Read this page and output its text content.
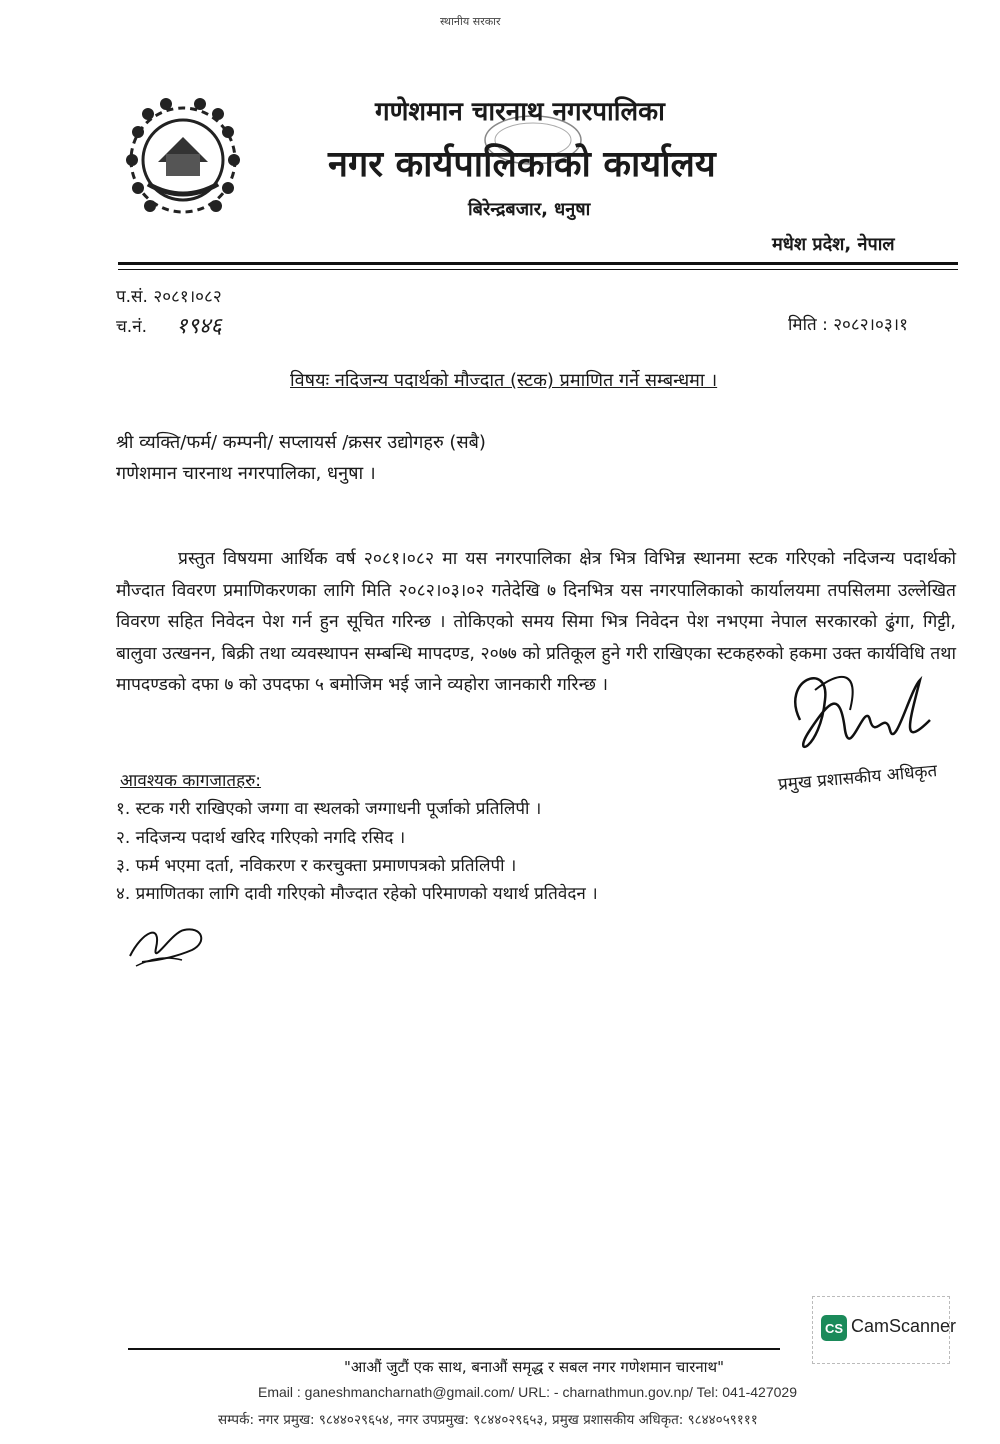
स्थानीय सरकार
गणेशमान चारनाथ नगरपालिका
नगर कार्यपालिकाको कार्यालय
बिरेन्द्रबजार, धनुषा
मधेश प्रदेश, नेपाल
प.सं. २०८१।०८२
च.नं. १९४६	मिति : २०८२।०३।१
विषयः नदिजन्य पदार्थको मौज्दात (स्टक) प्रमाणित गर्ने सम्बन्धमा ।
श्री व्यक्ति/फर्म/ कम्पनी/ सप्लायर्स /क्रसर उद्योगहरु (सबै)
गणेशमान चारनाथ नगरपालिका, धनुषा ।
प्रस्तुत विषयमा आर्थिक वर्ष २०८१।०८२ मा यस नगरपालिका क्षेत्र भित्र विभिन्न स्थानमा स्टक गरिएको नदिजन्य पदार्थको मौज्दात विवरण प्रमाणिकरणका लागि मिति २०८२।०३।०२ गतेदेखि ७ दिनभित्र यस नगरपालिकाको कार्यालयमा तपसिलमा उल्लेखित विवरण सहित निवेदन पेश गर्न हुन सूचित गरिन्छ । तोकिएको समय सिमा भित्र निवेदन पेश नभएमा नेपाल सरकारको ढुंगा, गिट्टी, बालुवा उत्खनन, बिक्री तथा व्यवस्थापन सम्बन्धि मापदण्ड, २०७७ को प्रतिकूल हुने गरी राखिएका स्टकहरुको हकमा उक्त कार्यविधि तथा मापदण्डको दफा ७ को उपदफा ५ बमोजिम भई जाने व्यहोरा जानकारी गरिन्छ ।
प्रमुख प्रशासकीय अधिकृत
आवश्यक कागजातहरु:
१. स्टक गरी राखिएको जग्गा वा स्थलको जग्गाधनी पूर्जाको प्रतिलिपी ।
२. नदिजन्य पदार्थ खरिद गरिएको नगदि रसिद ।
३. फर्म भएमा दर्ता, नविकरण र करचुक्ता प्रमाणपत्रको प्रतिलिपी ।
४. प्रमाणितका लागि दावी गरिएको मौज्दात रहेको परिमाणको यथार्थ प्रतिवेदन ।
CS CamScanner
"आऔं जुटौं एक साथ, बनाऔं समृद्ध र सबल नगर गणेशमान चारनाथ"
Email : ganeshmancharnath@gmail.com/ URL: - charnathmun.gov.np/ Tel: 041-427029
सम्पर्क: नगर प्रमुख: ९८४४०२९६५४, नगर उपप्रमुख: ९८४४०२९६५३, प्रमुख प्रशासकीय अधिकृत: ९८४४०५९१११
